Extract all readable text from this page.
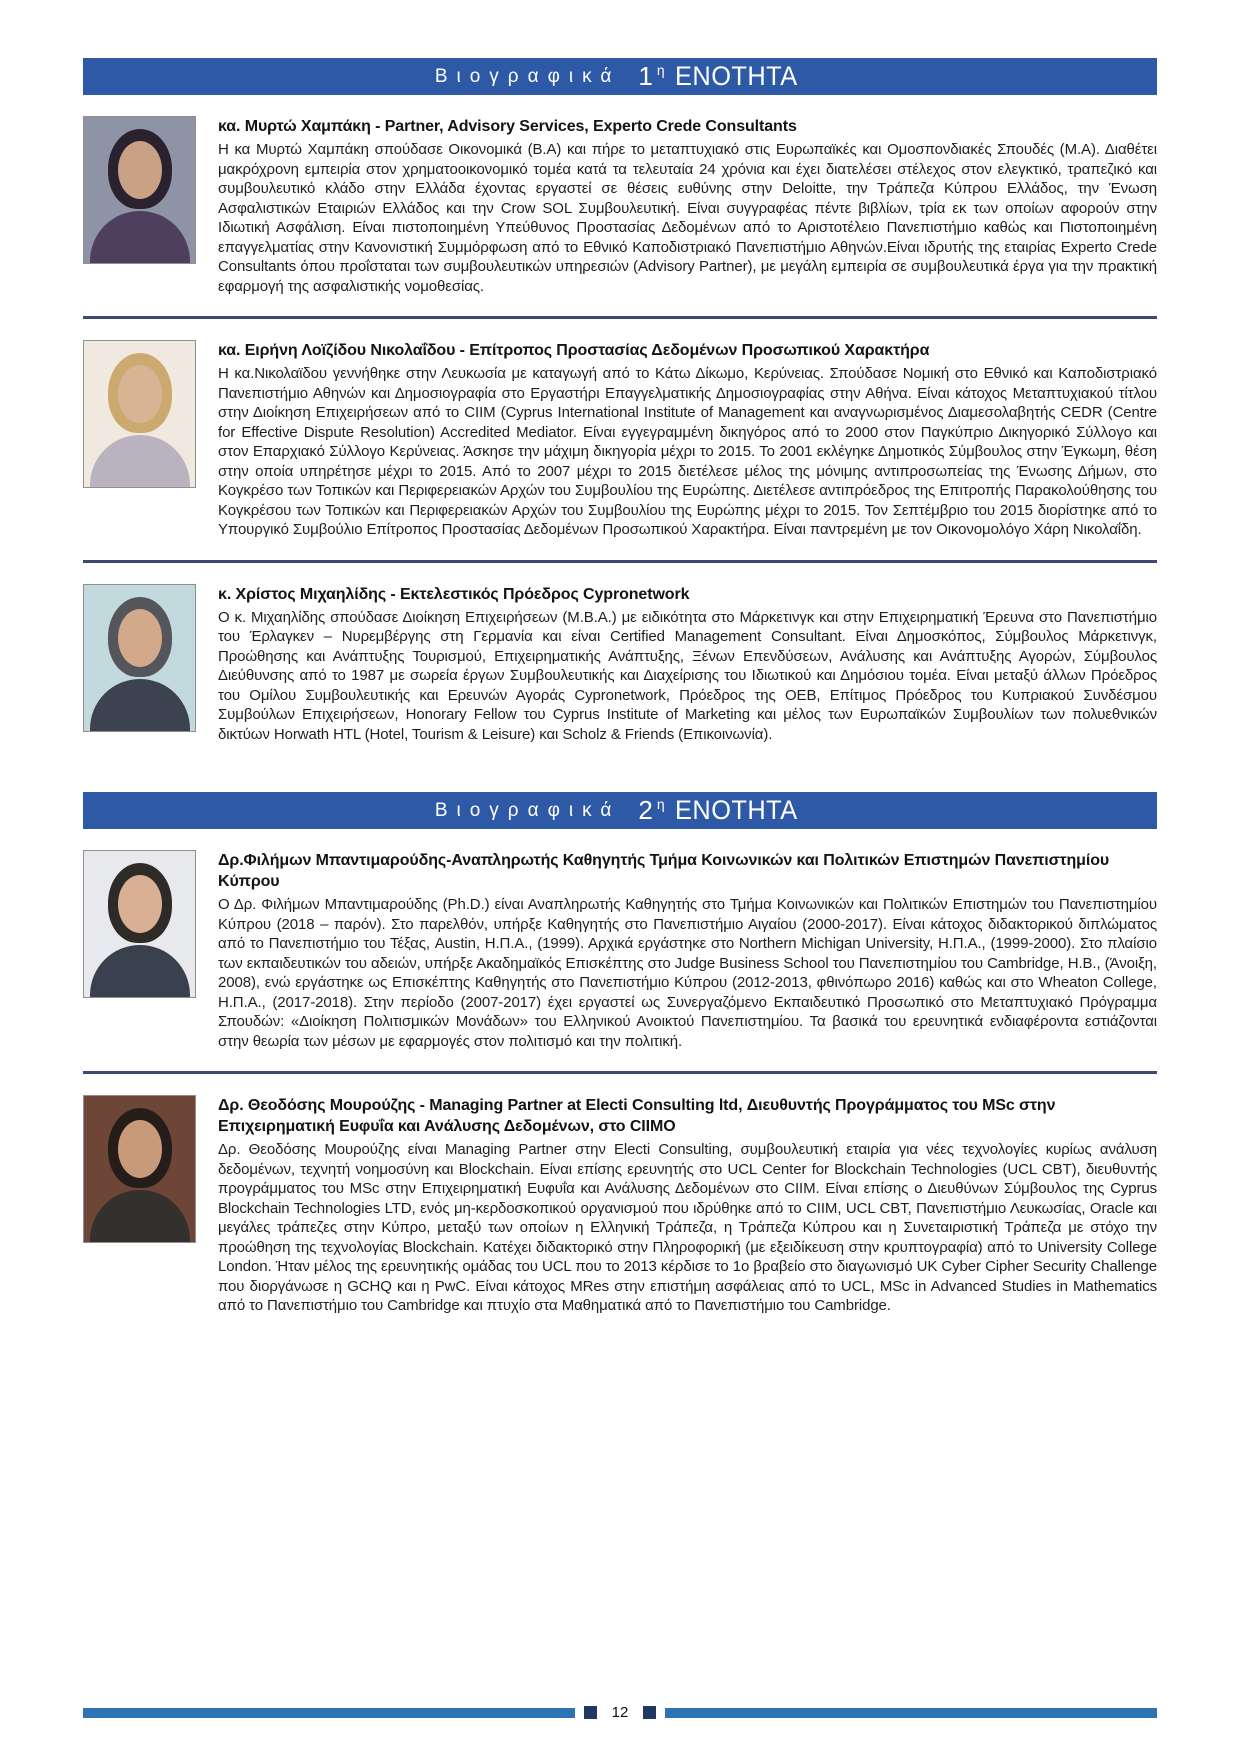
Βιογραφικά 1 η ΕΝΟΤΗΤΑ
κα. Μυρτώ Χαμπάκη - Partner, Advisory Services, Experto Crede Consultants

Η κα Μυρτώ Χαμπάκη σπούδασε Οικονομικά (B.A) και πήρε το μεταπτυχιακό στις Ευρωπαϊκές και Ομοσπονδιακές Σπουδές (M.A). Διαθέτει μακρόχρονη εμπειρία στον χρηματοοικονομικό τομέα κατά τα τελευταία 24 χρόνια και έχει διατελέσει στέλεχος στον ελεγκτικό, τραπεζικό και συμβουλευτικό κλάδο στην Ελλάδα έχοντας εργαστεί σε θέσεις ευθύνης στην Deloitte, την Τράπεζα Κύπρου Ελλάδος, την Ένωση Ασφαλιστικών Εταιριών Ελλάδος και την Crow SOL Συμβουλευτική. Είναι συγγραφέας πέντε βιβλίων, τρία εκ των οποίων αφορούν στην Ιδιωτική Ασφάλιση. Είναι πιστοποιημένη Υπεύθυνος Προστασίας Δεδομένων από το Αριστοτέλειο Πανεπιστήμιο καθώς και Πιστοποιημένη επαγγελματίας στην Κανονιστική Συμμόρφωση από το Εθνικό Καποδιστριακό Πανεπιστήμιο Αθηνών.Είναι ιδρυτής της εταιρίας Experto Crede Consultants όπου προΐσταται των συμβουλευτικών υπηρεσιών (Advisory Partner), με μεγάλη εμπειρία σε συμβουλευτικά έργα για την πρακτική εφαρμογή της ασφαλιστικής νομοθεσίας.

κα. Ειρήνη Λοϊζίδου Νικολαΐδου - Επίτροπος Προστασίας Δεδομένων Προσωπικού Χαρακτήρα

Η κα.Νικολαϊδου γεννήθηκε στην Λευκωσία με καταγωγή από το Κάτω Δίκωμο, Κερύνειας. Σπούδασε Νομική στο Εθνικό και Καποδιστριακό Πανεπιστήμιο Αθηνών και Δημοσιογραφία στο Εργαστήρι Επαγγελματικής Δημοσιογραφίας στην Αθήνα. Είναι κάτοχος Μεταπτυχιακού τίτλου στην Διοίκηση Επιχειρήσεων από το CIIM (Cyprus International Institute of Management και αναγνωρισμένος Διαμεσολαβητής CEDR (Centre for Effective Dispute Resolution) Accredited Mediator. Είναι εγγεγραμμένη δικηγόρος από το 2000 στον Παγκύπριο Δικηγορικό Σύλλογο και στον Επαρχιακό Σύλλογο Κερύνειας. Άσκησε την μάχιμη δικηγορία μέχρι το 2015. Το 2001 εκλέγηκε Δημοτικός Σύμβουλος στην Έγκωμη, θέση στην οποία υπηρέτησε μέχρι το 2015. Από το 2007 μέχρι το 2015 διετέλεσε μέλος της μόνιμης αντιπροσωπείας της Ένωσης Δήμων, στο Κογκρέσο των Τοπικών και Περιφερειακών Αρχών του Συμβουλίου της Ευρώπης. Διετέλεσε αντιπρόεδρος της Επιτροπής Παρακολούθησης του Κογκρέσου των Τοπικών και Περιφερειακών Αρχών του Συμβουλίου της Ευρώπης μέχρι το 2015. Τον Σεπτέμβριο του 2015 διορίστηκε από το Υπουργικό Συμβούλιο Επίτροπος Προστασίας Δεδομένων Προσωπικού Χαρακτήρα. Είναι παντρεμένη με τον Οικονομολόγο Χάρη Νικολαΐδη.

κ. Χρίστος Μιχαηλίδης - Εκτελεστικός Πρόεδρος Cypronetwork

Ο κ. Μιχαηλίδης σπούδασε Διοίκηση Επιχειρήσεων (M.B.A.) με ειδικότητα στο Μάρκετινγκ και στην Επιχειρηματική Έρευνα στο Πανεπιστήμιο του Έρλαγκεν – Νυρεμβέργης στη Γερμανία και είναι Certified Management Consultant. Είναι Δημοσκόπος, Σύμβουλος Μάρκετινγκ, Προώθησης και Ανάπτυξης Τουρισμού, Επιχειρηματικής Ανάπτυξης, Ξένων Επενδύσεων, Ανάλυσης και Ανάπτυξης Αγορών, Σύμβουλος Διεύθυνσης από το 1987 με σωρεία έργων Συμβουλευτικής και Διαχείρισης του Ιδιωτικού και Δημόσιου τομέα. Είναι μεταξύ άλλων Πρόεδρος του Ομίλου Συμβουλευτικής και Ερευνών Αγοράς Cypronetwork, Πρόεδρος της ΟΕΒ, Επίτιμος Πρόεδρος του Κυπριακού Συνδέσμου Συμβούλων Επιχειρήσεων, Honorary Fellow του Cyprus Institute of Marketing και μέλος των Ευρωπαϊκών Συμβουλίων των πολυεθνικών δικτύων Horwath HTL (Hotel, Tourism & Leisure) και Scholz & Friends (Επικοινωνία).

Βιογραφικά 2 η ΕΝΟΤΗΤΑ
Δρ.Φιλήμων Μπαντιμαρούδης-Αναπληρωτής Καθηγητής Τμήμα Κοινωνικών και Πολιτικών Επιστημών Πανεπιστημίου Κύπρου

Ο Δρ. Φιλήμων Μπαντιμαρούδης (Ph.D.) είναι Αναπληρωτής Καθηγητής στο Τμήμα Κοινωνικών και Πολιτικών Επιστημών του Πανεπιστημίου Κύπρου (2018 – παρόν). Στο παρελθόν, υπήρξε Καθηγητής στο Πανεπιστήμιο Αιγαίου (2000-2017). Είναι κάτοχος διδακτορικού διπλώματος από το Πανεπιστήμιο του Τέξας, Austin, Η.Π.Α., (1999). Αρχικά εργάστηκε στο Northern Michigan University, Η.Π.Α., (1999-2000). Στο πλαίσιο των εκπαιδευτικών του αδειών, υπήρξε Ακαδημαϊκός Επισκέπτης στο Judge Business School του Πανεπιστημίου του Cambridge, Η.Β., (Άνοιξη, 2008), ενώ εργάστηκε ως Επισκέπτης Καθηγητής στο Πανεπιστήμιο Κύπρου (2012-2013, φθινόπωρο 2016) καθώς και στο Wheaton College, Η.Π.Α., (2017-2018). Στην περίοδο (2007-2017) έχει εργαστεί ως Συνεργαζόμενο Εκπαιδευτικό Προσωπικό στο Μεταπτυχιακό Πρόγραμμα Σπουδών: «Διοίκηση Πολιτισμικών Μονάδων» του Ελληνικού Ανοικτού Πανεπιστημίου. Τα βασικά του ερευνητικά ενδιαφέροντα εστιάζονται στην θεωρία των μέσων με εφαρμογές στον πολιτισμό και την πολιτική.

Δρ. Θεοδόσης Μουρούζης - Managing Partner at Electi Consulting ltd, Διευθυντής Προγράμματος του MSc στην Επιχειρηματική Ευφυΐα και Ανάλυσης Δεδομένων, στο CIIMO

Δρ. Θεοδόσης Μουρούζης είναι Managing Partner στην Electi Consulting, συμβουλευτική εταιρία για νέες τεχνολογίες κυρίως ανάλυση δεδομένων, τεχνητή νοημοσύνη και Blockchain. Είναι επίσης ερευνητής στο UCL Center for Blockchain Technologies (UCL CBT), διευθυντής προγράμματος του MSc στην Επιχειρηματική Ευφυΐα και Ανάλυσης Δεδομένων στο CIIM. Είναι επίσης ο Διευθύνων Σύμβουλος της Cyprus Blockchain Technologies LTD, ενός μη-κερδοσκοπικού οργανισμού που ιδρύθηκε από το CIIM, UCL CBT, Πανεπιστήμιο Λευκωσίας, Oracle και μεγάλες τράπεζες στην Κύπρο, μεταξύ των οποίων η Ελληνική Τράπεζα, η Τράπεζα Κύπρου και η Συνεταιριστική Τράπεζα με στόχο την προώθηση της τεχνολογίας Blockchain. Κατέχει διδακτορικό στην Πληροφορική (με εξειδίκευση στην κρυπτογραφία) από το University College London. Ήταν μέλος της ερευνητικής ομάδας του UCL που το 2013 κέρδισε το 1ο βραβείο στο διαγωνισμό UK Cyber Cipher Security Challenge που διοργάνωσε η GCHQ και η PwC. Είναι κάτοχος MRes στην επιστήμη ασφάλειας από το UCL, MSc in Advanced Studies in Mathematics από το Πανεπιστήμιο του Cambridge και πτυχίο στα Μαθηματικά από το Πανεπιστήμιο του Cambridge.

12
